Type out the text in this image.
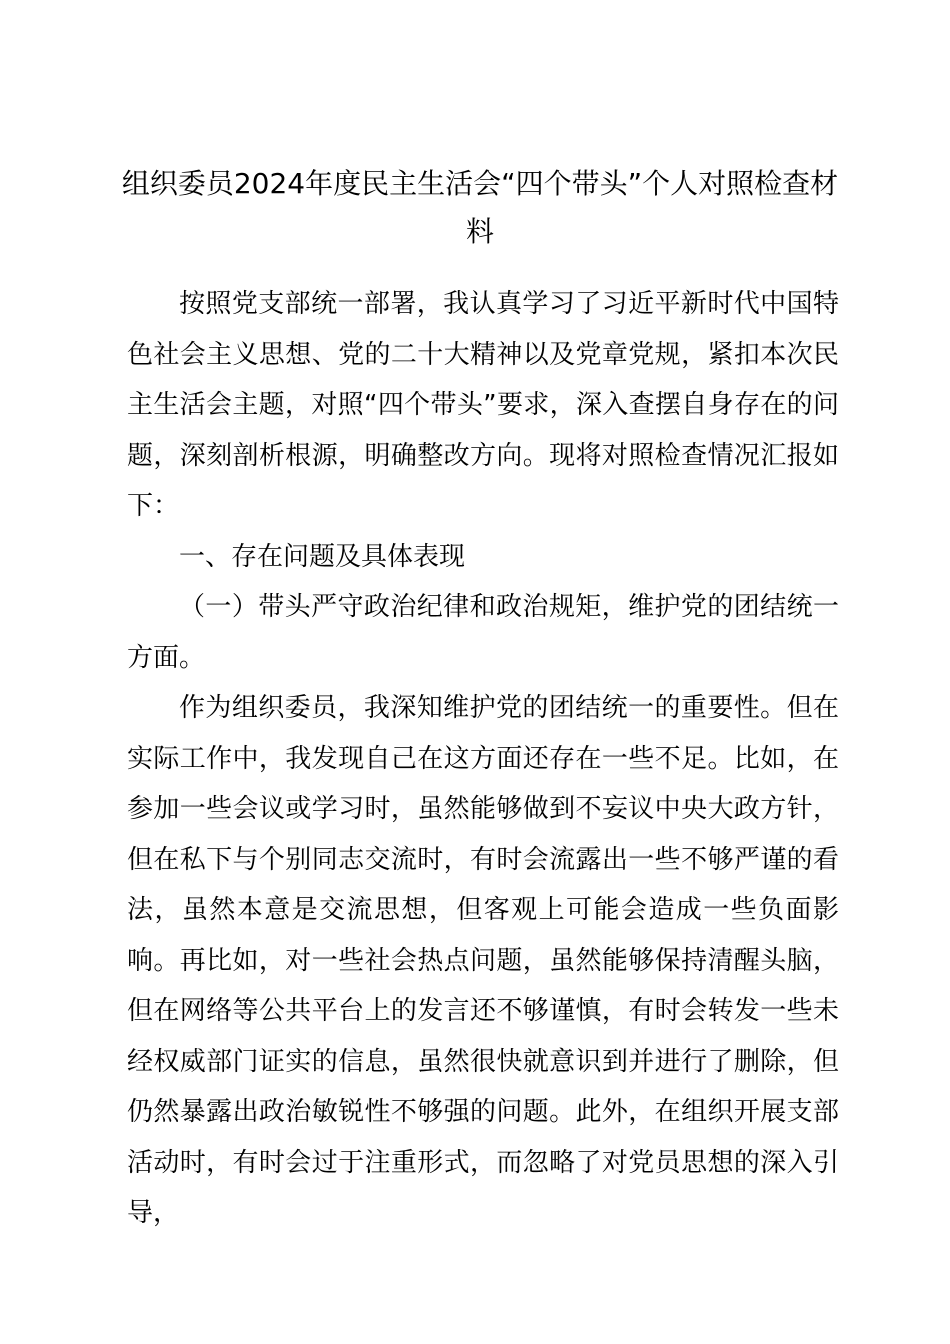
组织委员2024年度民主生活会“四个带头”个人对照检查材料

按照党支部统一部署，我认真学习了习近平新时代中国特色社会主义思想、党的二十大精神以及党章党规，紧扣本次民主生活会主题，对照“四个带头”要求，深入查摆自身存在的问题，深刻剖析根源，明确整改方向。现将对照检查情况汇报如下：

一、存在问题及具体表现

（一）带头严守政治纪律和政治规矩，维护党的团结统一方面。

作为组织委员，我深知维护党的团结统一的重要性。但在实际工作中，我发现自己在这方面还存在一些不足。比如，在参加一些会议或学习时，虽然能够做到不妄议中央大政方针，但在私下与个别同志交流时，有时会流露出一些不够严谨的看法，虽然本意是交流思想，但客观上可能会造成一些负面影响。再比如，对一些社会热点问题，虽然能够保持清醒头脑，但在网络等公共平台上的发言还不够谨慎，有时会转发一些未经权威部门证实的信息，虽然很快就意识到并进行了删除，但仍然暴露出政治敏锐性不够强的问题。此外，在组织开展支部活动时，有时会过于注重形式，而忽略了对党员思想的深入引导，
